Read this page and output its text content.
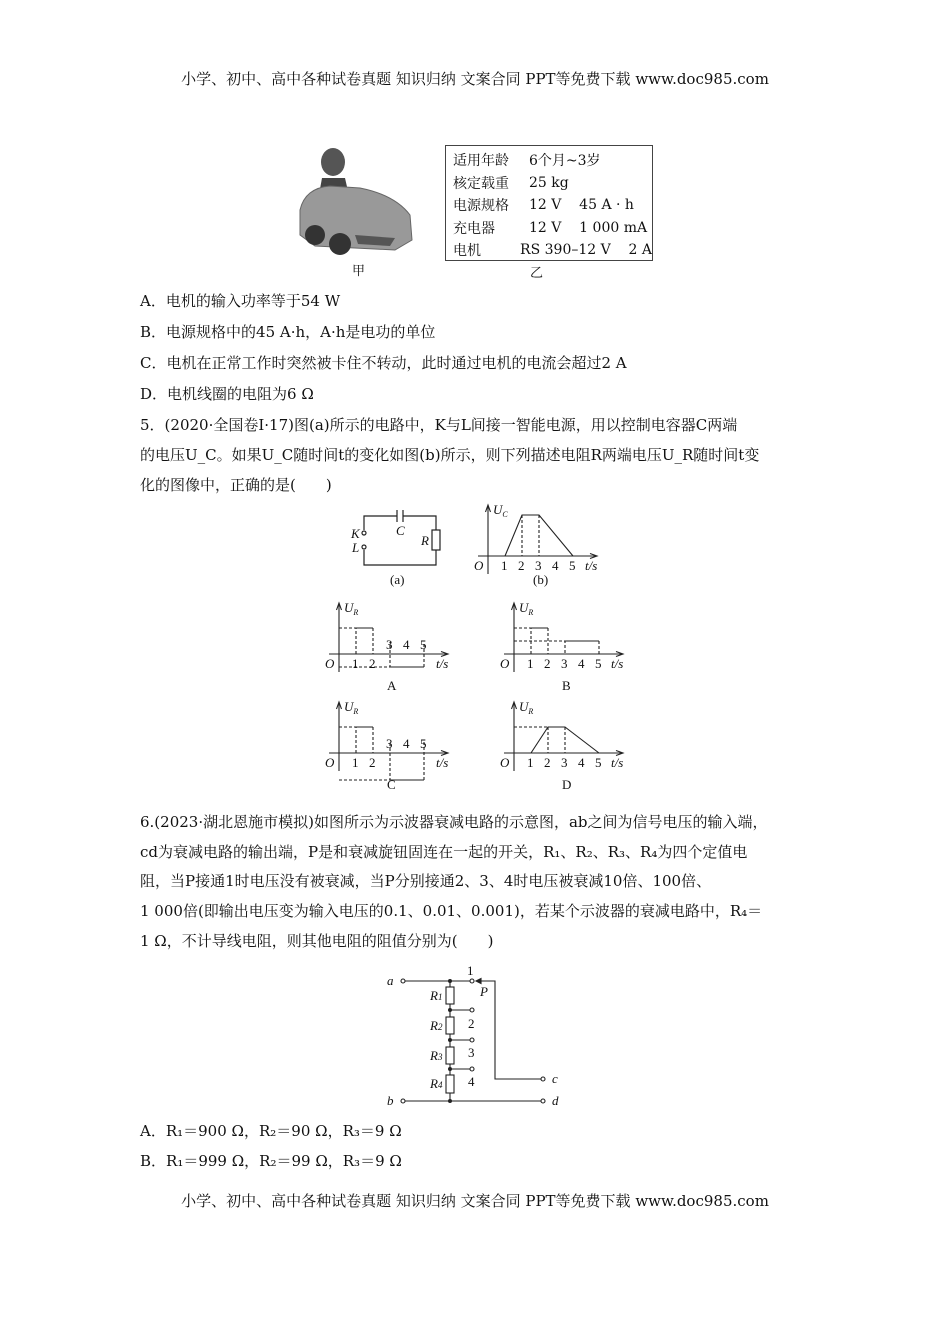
小学、初中、高中各种试卷真题 知识归纳 文案合同 PPT等免费下载 www.doc985.com
甲	乙
K
L
C
R
(a)	(b)
O 1 2 3 4 5 t/s
$U_C$
O 1 2
3 4 5
t/s
$U_R$
A
O 1 2 3 4 5 t/s
$U_R$
B
O 1 2
3 4 5
t/s
$U_R$
C
O 1 2 3 4 5 t/s
$U_R$
D
a
b
c
d
P
1
2
3
4
R1
R2
R3
R4
适用年龄	6个月~3岁
核定载重	25 kg
电源规格	12 V    45 A · h
充电器	12 V    1 000 mA
电机	RS 390–12 V    2 A
A．电机的输入功率等于54 W
B．电源规格中的45 A·h，A·h是电功的单位
C．电机在正常工作时突然被卡住不转动，此时通过电机的电流会超过2 A
D．电机线圈的电阻为6 Ω
5．(2020·全国卷Ⅰ·17)图(a)所示的电路中，K与L间接一智能电源，用以控制电容器C两端
的电压U_C。如果U_C随时间t的变化如图(b)所示，则下列描述电阻R两端电压U_R随时间t变
化的图像中，正确的是(　　)
6.(2023·湖北恩施市模拟)如图所示为示波器衰减电路的示意图，ab之间为信号电压的输入端，
cd为衰减电路的输出端，P是和衰减旋钮固连在一起的开关，R₁、R₂、R₃、R₄为四个定值电
阻，当P接通1时电压没有被衰减，当P分别接通2、3、4时电压被衰减10倍、100倍、
1 000倍(即输出电压变为输入电压的0.1、0.01、0.001)，若某个示波器的衰减电路中，R₄＝
1 Ω，不计导线电阻，则其他电阻的阻值分别为(　　)
A．R₁＝900 Ω，R₂＝90 Ω，R₃＝9 Ω
B．R₁＝999 Ω，R₂＝99 Ω，R₃＝9 Ω
小学、初中、高中各种试卷真题 知识归纳 文案合同 PPT等免费下载 www.doc985.com
